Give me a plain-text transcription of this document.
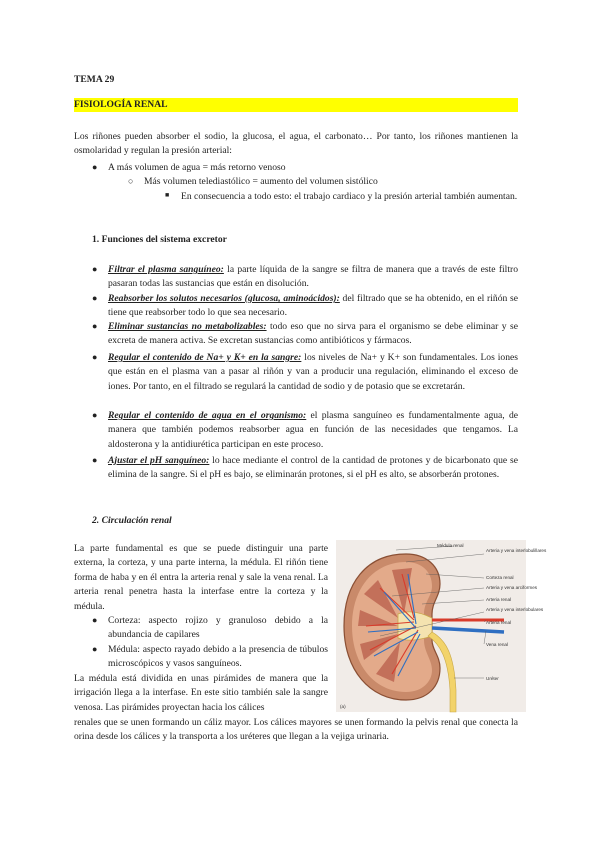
TEMA 29
FISIOLOGÍA RENAL
Los riñones pueden absorber el sodio, la glucosa, el agua, el carbonato… Por tanto, los riñones mantienen la osmolaridad y regulan la presión arterial:
● A más volumen de agua = más retorno venoso
○ Más volumen telediastólico = aumento del volumen sistólico
■ En consecuencia a todo esto: el trabajo cardiaco y la presión arterial también aumentan.
1. Funciones del sistema excretor
● Filtrar el plasma sanguíneo: la parte líquida de la sangre se filtra de manera que a través de este filtro pasaran todas las sustancias que están en disolución.
● Reabsorber los solutos necesarios (glucosa, aminoácidos): del filtrado que se ha obtenido, en el riñón se tiene que reabsorber todo lo que sea necesario.
● Eliminar sustancias no metabolizables: todo eso que no sirva para el organismo se debe eliminar y se excreta de manera activa. Se excretan sustancias como antibióticos y fármacos.
● Regular el contenido de Na+ y K+ en la sangre: los niveles de Na+ y K+ son fundamentales. Los iones que están en el plasma van a pasar al riñón y van a producir una regulación, eliminando el exceso de iones. Por tanto, en el filtrado se regulará la cantidad de sodio y de potasio que se excretarán.
● Regular el contenido de agua en el organismo: el plasma sanguíneo es fundamentalmente agua, de manera que también podemos reabsorber agua en función de las necesidades que tengamos. La aldosterona y la antidiurética participan en este proceso.
● Ajustar el pH sanguíneo: lo hace mediante el control de la cantidad de protones y de bicarbonato que se elimina de la sangre. Si el pH es bajo, se eliminarán protones, si el pH es alto, se absorberán protones.
2. Circulación renal
La parte fundamental es que se puede distinguir una parte externa, la corteza, y una parte interna, la médula. El riñón tiene forma de haba y en él entra la arteria renal y sale la vena renal. La arteria renal penetra hasta la interfase entre la corteza y la médula.
● Corteza: aspecto rojizo y granuloso debido a la abundancia de capilares
● Médula: aspecto rayado debido a la presencia de túbulos microscópicos y vasos sanguíneos.
La médula está dividida en unas pirámides de manera que la irrigación llega a la interfase. En este sitio también sale la sangre venosa. Las pirámides proyectan hacia los cálices
renales que se unen formando un cáliz mayor. Los cálices mayores se unen formando la pelvis renal que conecta la orina desde los cálices y la transporta a los uréteres que llegan a la vejiga urinaria.
Médula renal
Arteria y vena interlobulillares
Corteza renal
Arteria y vena arciformes
Arteria renal
Arteria y vena interlobulares
Arteria renal
Vena renal
Uréter
(a)
